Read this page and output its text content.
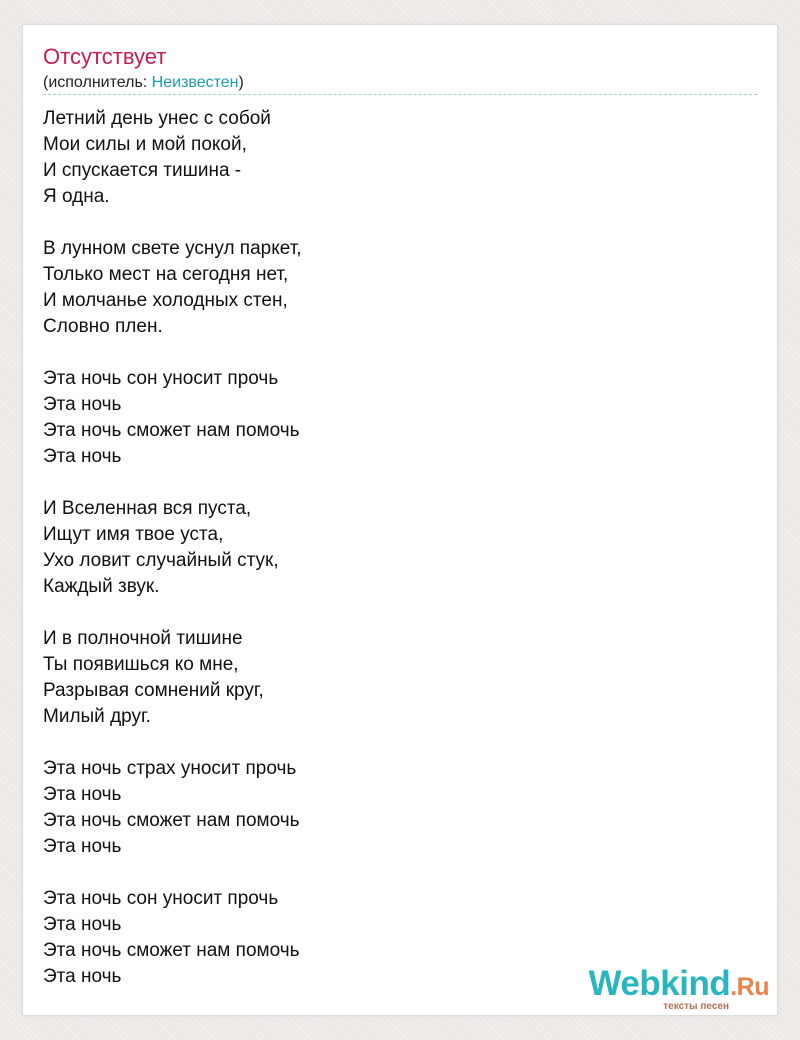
Отсутствует
(исполнитель: Неизвестен)
Летний день унес с собой
Мои силы и мой покой,
И спускается тишина -
Я одна.
В лунном свете уснул паркет,
Только мест на сегодня нет,
И молчанье холодных стен,
Словно плен.
Эта ночь сон уносит прочь
Эта ночь
Эта ночь сможет нам помочь
Эта ночь
И Вселенная вся пуста,
Ищут имя твое уста,
Ухо ловит случайный стук,
Каждый звук.
И в полночной тишине
Ты появишься ко мне,
Разрывая сомнений круг,
Милый друг.
Эта ночь страх уносит прочь
Эта ночь
Эта ночь сможет нам помочь
Эта ночь
Эта ночь сон уносит прочь
Эта ночь
Эта ночь сможет нам помочь
Эта ночь	Webkind.Ru
тексты песен
